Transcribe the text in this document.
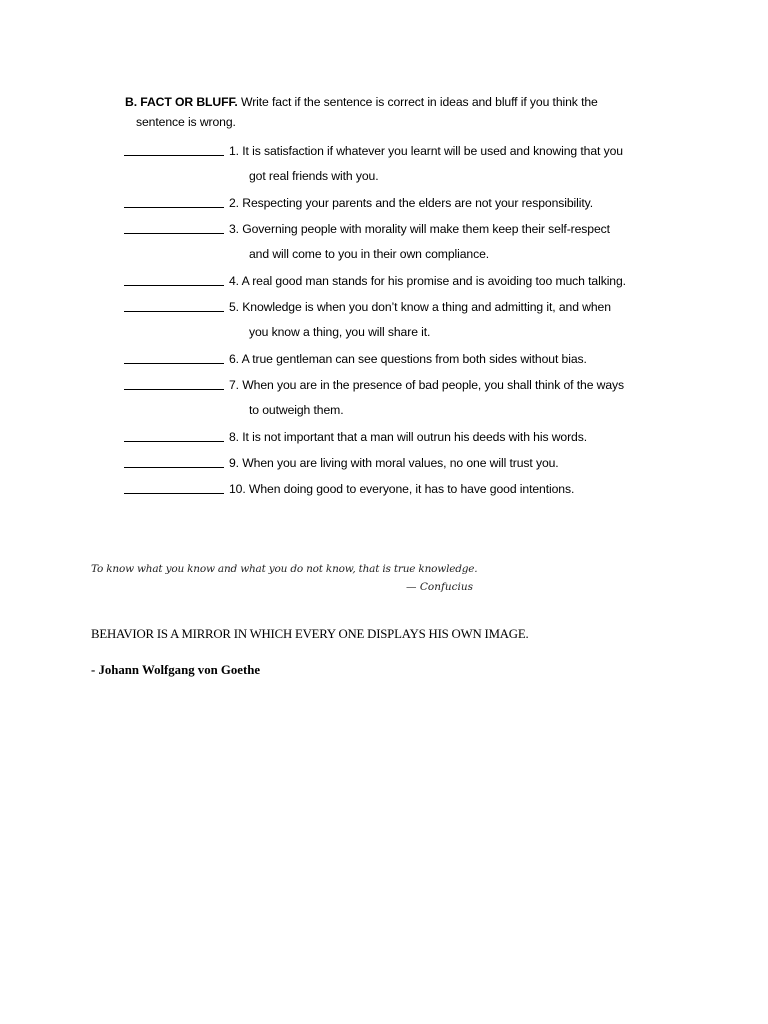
B. FACT OR BLUFF. Write fact if the sentence is correct in ideas and bluff if you think the
sentence is wrong.
1. It is satisfaction if whatever you learnt will be used and knowing that you
got real friends with you.
2. Respecting your parents and the elders are not your responsibility.
3. Governing people with morality will make them keep their self-respect
and will come to you in their own compliance.
4. A real good man stands for his promise and is avoiding too much talking.
5. Knowledge is when you don’t know a thing and admitting it, and when
you know a thing, you will share it.
6. A true gentleman can see questions from both sides without bias.
7. When you are in the presence of bad people, you shall think of the ways
to outweigh them.
8. It is not important that a man will outrun his deeds with his words.
9. When you are living with moral values, no one will trust you.
10. When doing good to everyone, it has to have good intentions.
To know what you know and what you do not know, that is true knowledge.
— Confucius
BEHAVIOR IS A MIRROR IN WHICH EVERY ONE DISPLAYS HIS OWN IMAGE.
- Johann Wolfgang von Goethe
